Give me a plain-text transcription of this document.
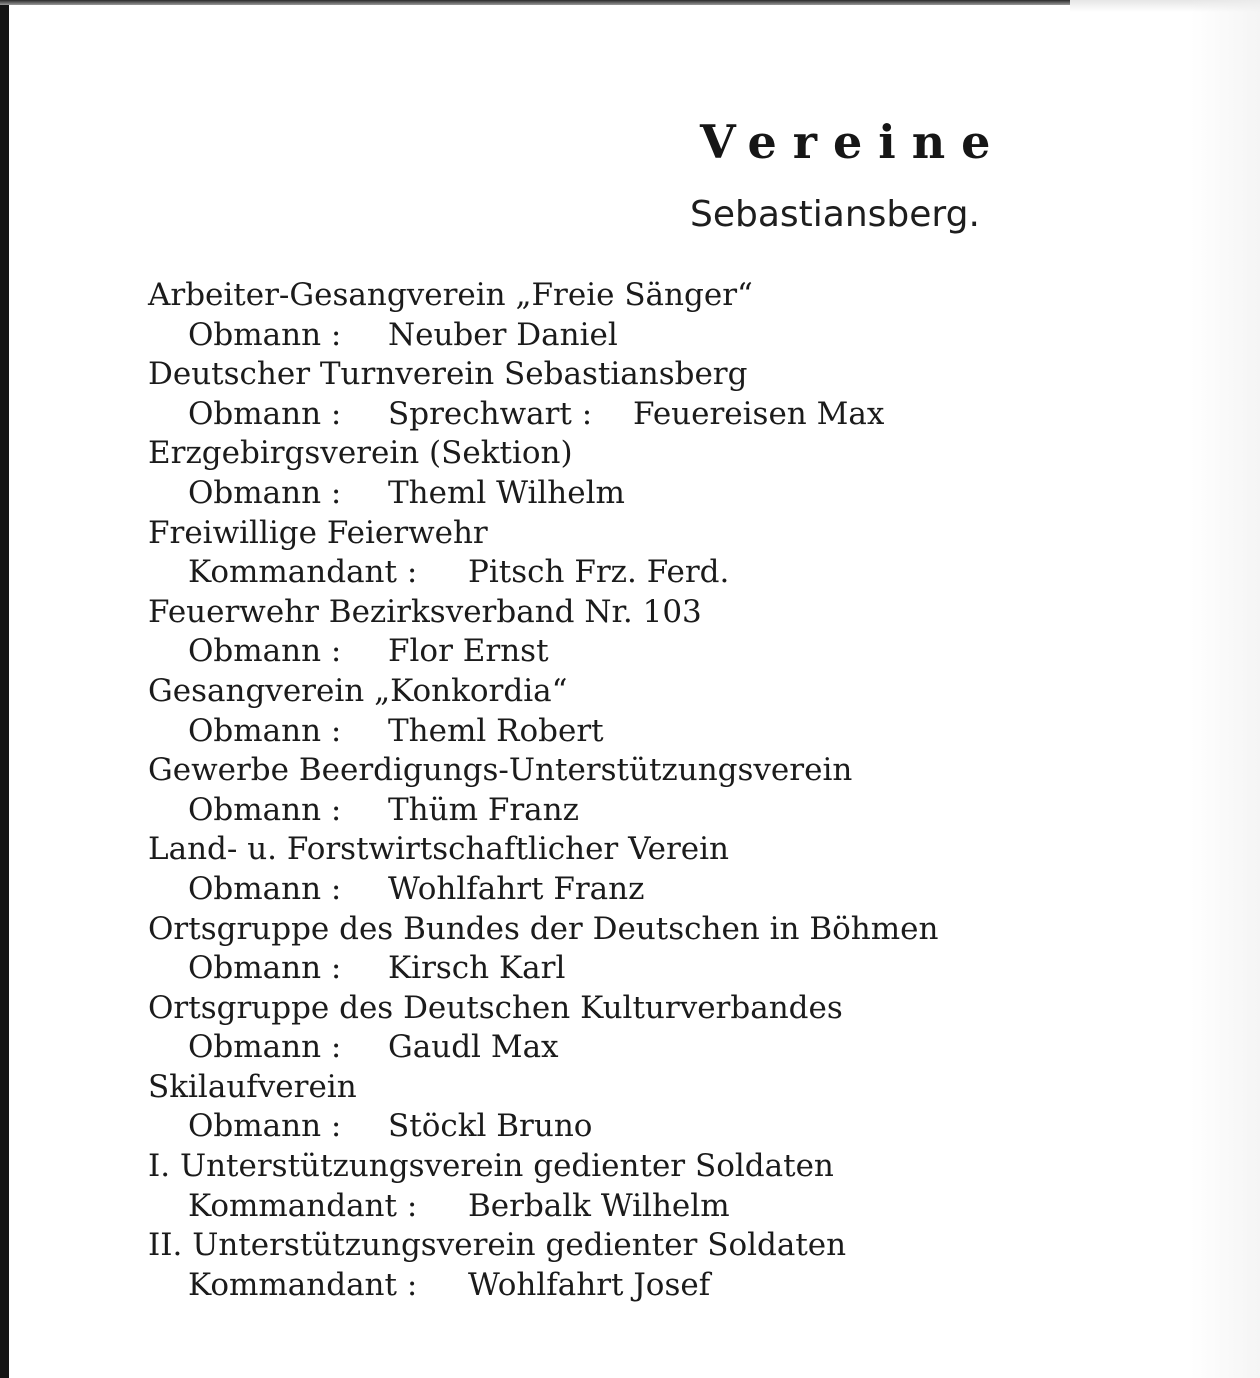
Vereine
Sebastiansberg.
Arbeiter-Gesangverein „Freie Sänger“
Obmann : Neuber Daniel
Deutscher Turnverein Sebastiansberg
Obmann : Sprechwart : Feuereisen Max
Erzgebirgsverein (Sektion)
Obmann : Theml Wilhelm
Freiwillige Feierwehr
Kommandant : Pitsch Frz. Ferd.
Feuerwehr Bezirksverband Nr. 103
Obmann : Flor Ernst
Gesangverein „Konkordia“
Obmann : Theml Robert
Gewerbe Beerdigungs-Unterstützungsverein
Obmann : Thüm Franz
Land- u. Forstwirtschaftlicher Verein
Obmann : Wohlfahrt Franz
Ortsgruppe des Bundes der Deutschen in Böhmen
Obmann : Kirsch Karl
Ortsgruppe des Deutschen Kulturverbandes
Obmann : Gaudl Max
Skilaufverein
Obmann : Stöckl Bruno
I. Unterstützungsverein gedienter Soldaten
Kommandant : Berbalk Wilhelm
II. Unterstützungsverein gedienter Soldaten
Kommandant : Wohlfahrt Josef
